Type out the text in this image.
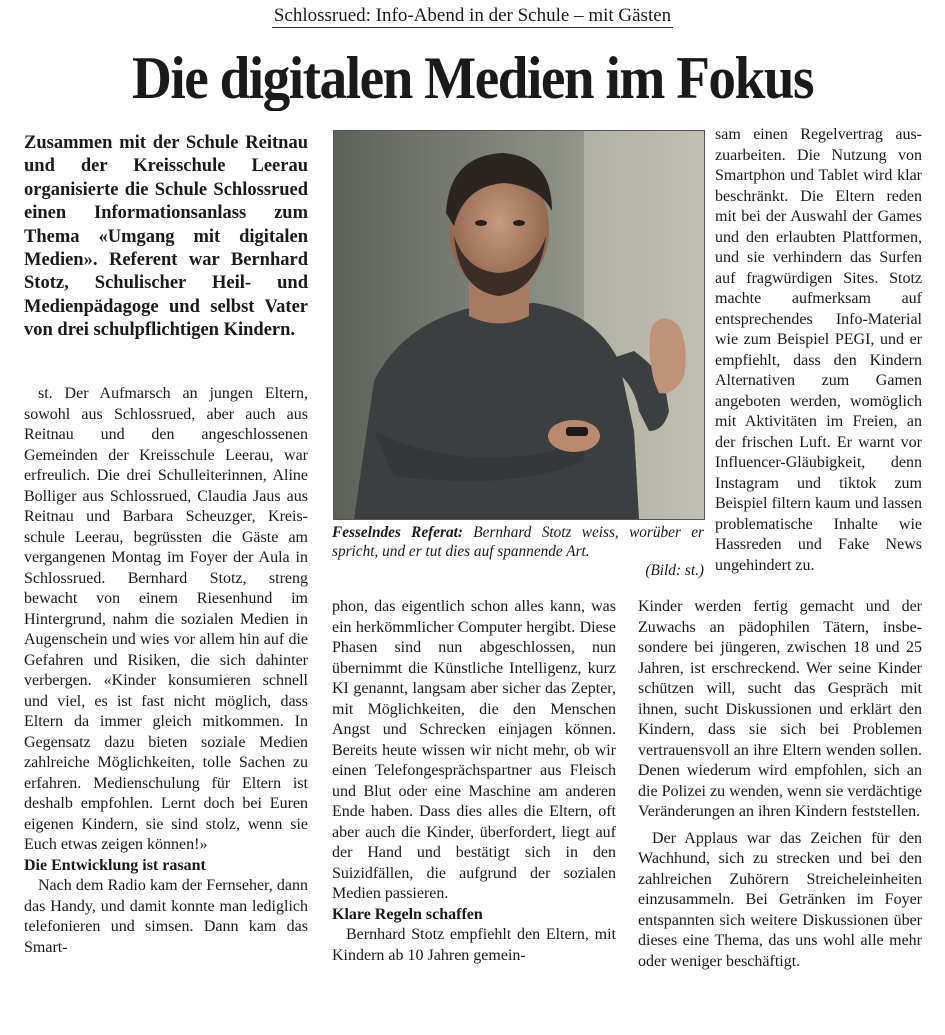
Schlossrued: Info-Abend in der Schule – mit Gästen
Die digitalen Medien im Fokus

Zusammen mit der Schule Reitnau und der Kreisschule Leerau organisierte die Schule Schlossrued einen Informationsanlass zum Thema «Umgang mit digitalen Medien». Referent war Bernhard Stotz, Schulischer Heil- und Medienpädagoge und selbst Vater von drei schulpflichtigen Kindern.

st. Der Aufmarsch an jungen Eltern, sowohl aus Schlossrued, aber auch aus Reitnau und den angeschlossenen Gemeinden der Kreisschule Leerau, war erfreulich. Die drei Schulleiterinnen, Aline Bolliger aus Schlossrued, Claudia Jaus aus Reitnau und Barbara Scheuzger, Kreisschule Leerau, begrüssten die Gäste am vergangenen Montag im Foyer der Aula in Schlossrued. Bernhard Stotz, streng bewacht von einem Riesenhund im Hintergrund, nahm die sozialen Medien in Augenschein und wies vor allem hin auf die Gefahren und Risiken, die sich dahinter verbergen. «Kinder konsumieren schnell und viel, es ist fast nicht möglich, dass Eltern da immer gleich mitkommen. In Gegensatz dazu bieten soziale Medien zahlreiche Möglichkeiten, tolle Sachen zu erfahren. Medienschulung für Eltern ist deshalb empfohlen. Lernt doch bei Euren eigenen Kindern, sie sind stolz, wenn sie Euch etwas zeigen können!»

Die Entwicklung ist rasant

Nach dem Radio kam der Fernseher, dann das Handy, und damit konnte man lediglich telefonieren und simsen. Dann kam das Smart-

Fesselndes Referat: Bernhard Stotz weiss, worüber er spricht, und er tut dies auf spannende Art.
(Bild: st.)

phon, das eigentlich schon alles kann, was ein herkömmlicher Computer hergibt. Diese Phasen sind nun abgeschlossen, nun übernimmt die Künstliche Intelligenz, kurz KI genannt, langsam aber sicher das Zepter, mit Möglichkeiten, die den Menschen Angst und Schrecken einjagen können. Bereits heute wissen wir nicht mehr, ob wir einen Telefongesprächspartner aus Fleisch und Blut oder eine Maschine am anderen Ende haben. Dass dies alles die Eltern, oft aber auch die Kinder, überfordert, liegt auf der Hand und bestätigt sich in den Suizidfällen, die aufgrund der sozialen Medien passieren.

Klare Regeln schaffen

Bernhard Stotz empfiehlt den Eltern, mit Kindern ab 10 Jahren gemein-

sam einen Regelvertrag auszuarbeiten. Die Nutzung von Smartphon und Tablet wird klar beschränkt. Die Eltern reden mit bei der Auswahl der Games und den erlaubten Plattformen, und sie verhindern das Surfen auf fragwürdigen Sites. Stotz machte aufmerksam auf entsprechendes Info-Material wie zum Beispiel PEGI, und er empfiehlt, dass den Kindern Alternativen zum Gamen angeboten werden, womöglich mit Aktivitäten im Freien, an der frischen Luft. Er warnt vor Influencer-Gläubigkeit, denn Instagram und tiktok zum Beispiel filtern kaum und lassen problematische Inhalte wie Hassreden und Fake News ungehindert zu.

Kinder werden fertig gemacht und der Zuwachs an pädophilen Tätern, insbesondere bei jüngeren, zwischen 18 und 25 Jahren, ist erschreckend. Wer seine Kinder schützen will, sucht das Gespräch mit ihnen, sucht Diskussionen und erklärt den Kindern, dass sie sich bei Problemen vertrauensvoll an ihre Eltern wenden sollen. Denen wiederum wird empfohlen, sich an die Polizei zu wenden, wenn sie verdächtige Veränderungen an ihren Kindern feststellen.

Der Applaus war das Zeichen für den Wachhund, sich zu strecken und bei den zahlreichen Zuhörern Streicheleinheiten einzusammeln. Bei Getränken im Foyer entspannten sich weitere Diskussionen über dieses eine Thema, das uns wohl alle mehr oder weniger beschäftigt.
